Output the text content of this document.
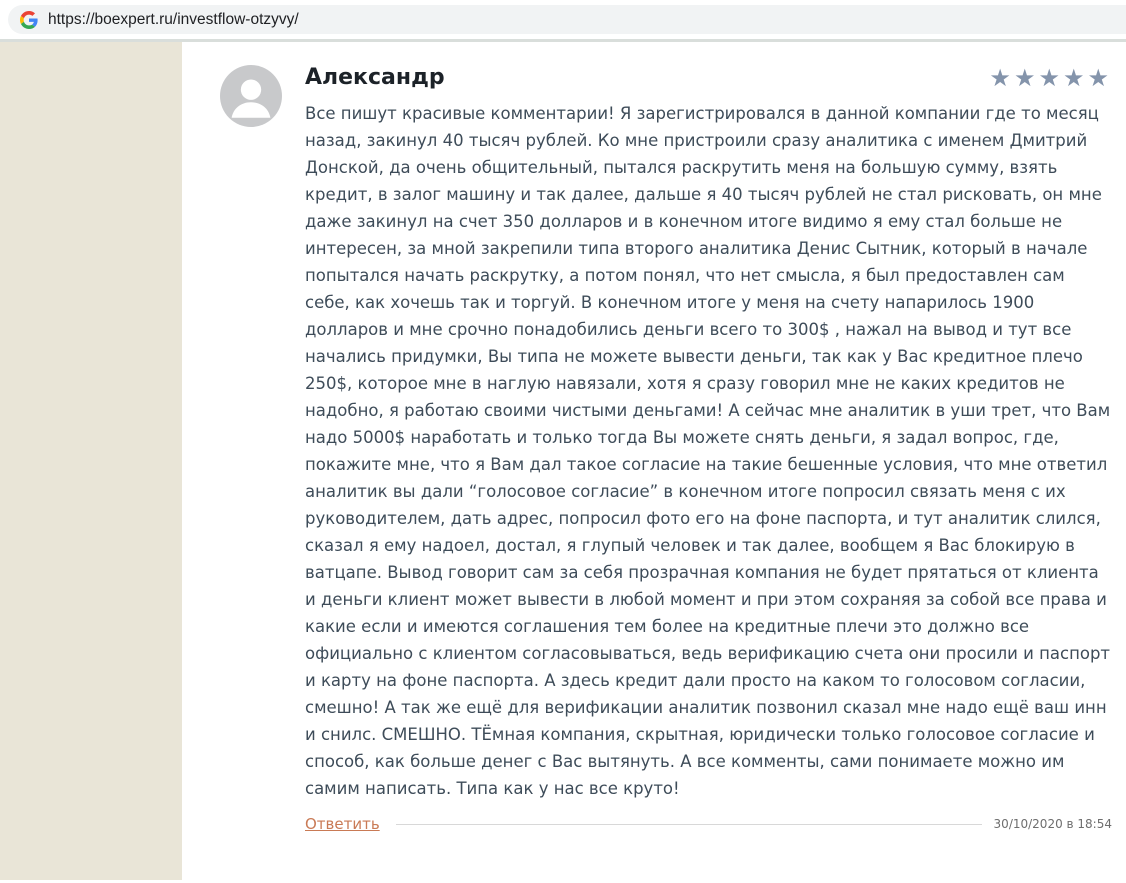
https://boexpert.ru/investflow-otzyvy/
Александр	★★★★★

Все пишут красивые комментарии! Я зарегистрировался в данной компании где то месяц назад, закинул 40 тысяч рублей. Ко мне пристроили сразу аналитика с именем Дмитрий Донской, да очень общительный, пытался раскрутить меня на большую сумму, взять кредит, в залог машину и так далее, дальше я 40 тысяч рублей не стал рисковать, он мне даже закинул на счет 350 долларов и в конечном итоге видимо я ему стал больше не интересен, за мной закрепили типа второго аналитика Денис Сытник, который в начале попытался начать раскрутку, а потом понял, что нет смысла, я был предоставлен сам себе, как хочешь так и торгуй. В конечном итоге у меня на счету напарилось 1900 долларов и мне срочно понадобились деньги всего то 300$ , нажал на вывод и тут все начались придумки, Вы типа не можете вывести деньги, так как у Вас кредитное плечо 250$, которое мне в наглую навязали, хотя я сразу говорил мне не каких кредитов не надобно, я работаю своими чистыми деньгами! А сейчас мне аналитик в уши трет, что Вам надо 5000$ наработать и только тогда Вы можете снять деньги, я задал вопрос, где, покажите мне, что я Вам дал такое согласие на такие бешенные условия, что мне ответил аналитик вы дали “голосовое согласие” в конечном итоге попросил связать меня с их руководителем, дать адрес, попросил фото его на фоне паспорта, и тут аналитик слился, сказал я ему надоел, достал, я глупый человек и так далее, вообщем я Вас блокирую в ватцапе. Вывод говорит сам за себя прозрачная компания не будет прятаться от клиента и деньги клиент может вывести в любой момент и при этом сохраняя за собой все права и какие если и имеются соглашения тем более на кредитные плечи это должно все официально с клиентом согласовываться, ведь верификацию счета они просили и паспорт и карту на фоне паспорта. А здесь кредит дали просто на каком то голосовом согласии, смешно! А так же ещё для верификации аналитик позвонил сказал мне надо ещё ваш инн и снилс. СМЕШНО. ТЁмная компания, скрытная, юридически только голосовое согласие и способ, как больше денег с Вас вытянуть. А все комменты, сами понимаете можно им самим написать. Типа как у нас все круто!

Ответить	30/10/2020 в 18:54
